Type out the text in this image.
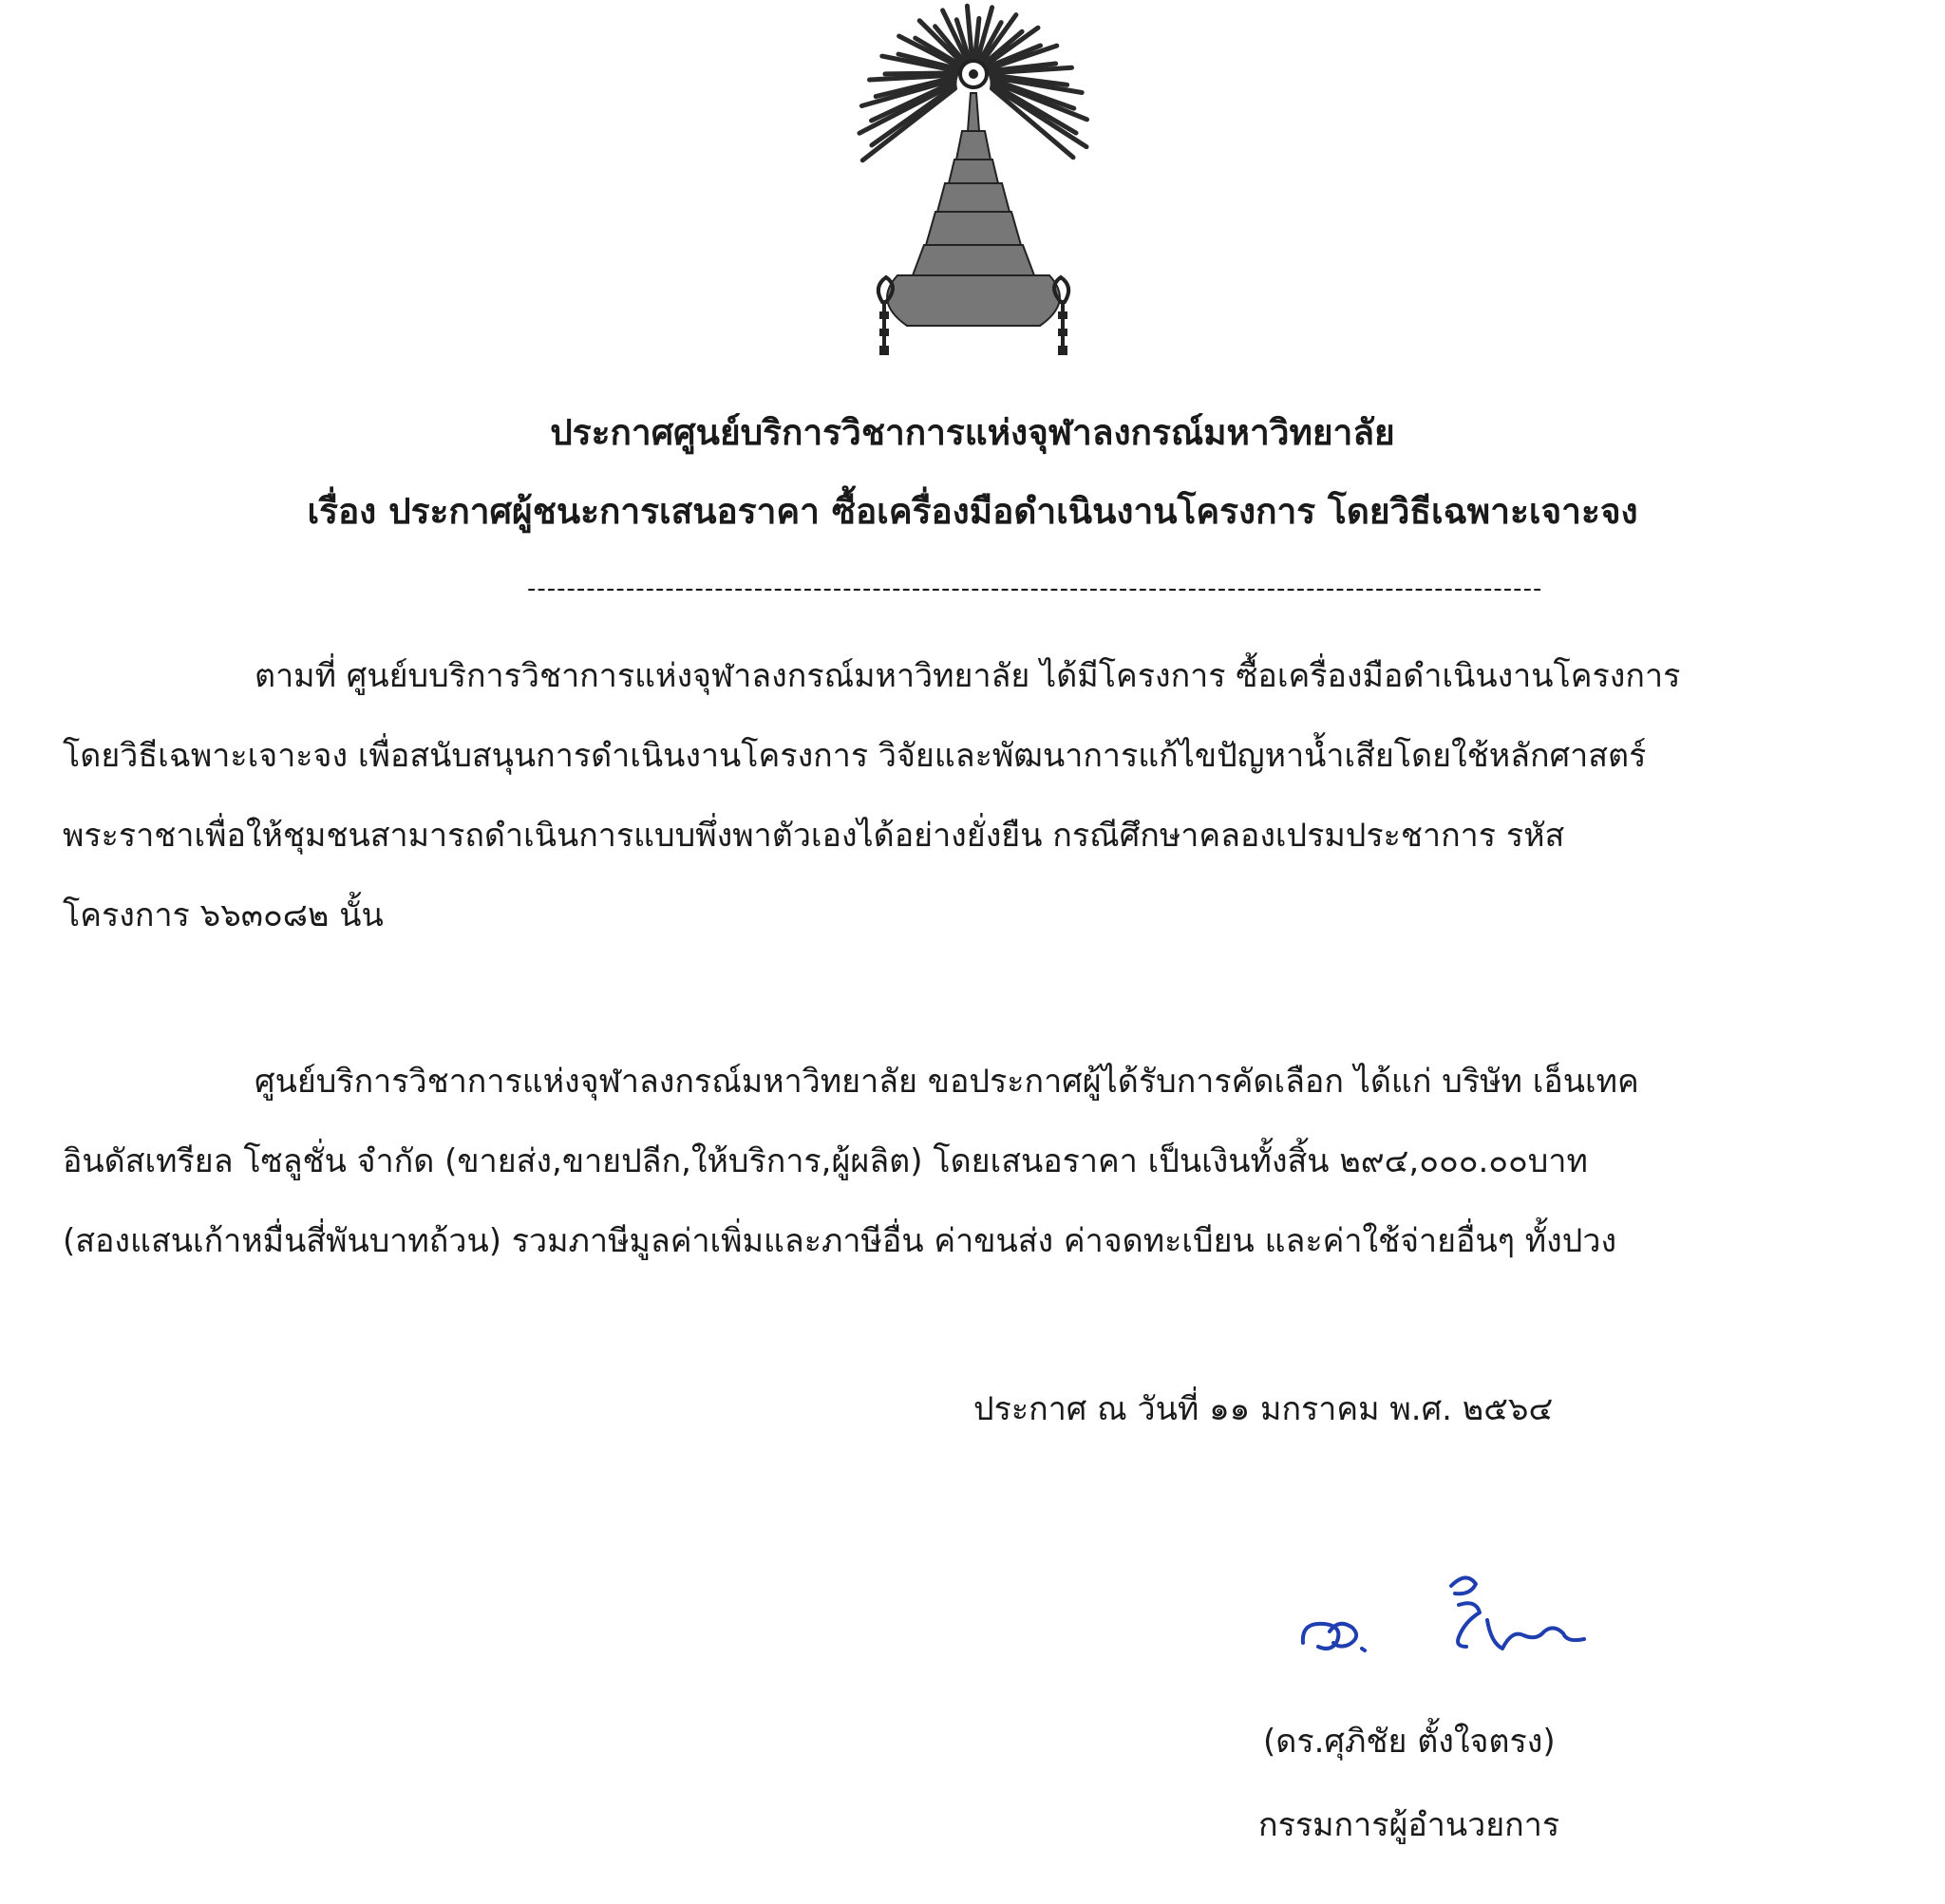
ประกาศศูนย์บริการวิชาการแห่งจุฬาลงกรณ์มหาวิทยาลัย
เรื่อง ประกาศผู้ชนะการเสนอราคา ซื้อเครื่องมือดำเนินงานโครงการ โดยวิธีเฉพาะเจาะจง
-------------------------------------------------------------------------------------------------------
ตามที่ ศูนย์บบริการวิชาการแห่งจุฬาลงกรณ์มหาวิทยาลัย ได้มีโครงการ ซื้อเครื่องมือดำเนินงานโครงการ
โดยวิธีเฉพาะเจาะจง เพื่อสนับสนุนการดำเนินงานโครงการ วิจัยและพัฒนาการแก้ไขปัญหาน้ำเสียโดยใช้หลักศาสตร์
พระราชาเพื่อให้ชุมชนสามารถดำเนินการแบบพึ่งพาตัวเองได้อย่างยั่งยืน กรณีศึกษาคลองเปรมประชาการ รหัส
โครงการ ๖๖๓๐๘๒ นั้น
ศูนย์บริการวิชาการแห่งจุฬาลงกรณ์มหาวิทยาลัย ขอประกาศผู้ได้รับการคัดเลือก ได้แก่ บริษัท เอ็นเทค
อินดัสเทรียล โซลูชั่น จำกัด (ขายส่ง,ขายปลีก,ให้บริการ,ผู้ผลิต) โดยเสนอราคา เป็นเงินทั้งสิ้น ๒๙๔,๐๐๐.๐๐บาท
(สองแสนเก้าหมื่นสี่พันบาทถ้วน) รวมภาษีมูลค่าเพิ่มและภาษีอื่น ค่าขนส่ง ค่าจดทะเบียน และค่าใช้จ่ายอื่นๆ ทั้งปวง
ประกาศ ณ วันที่ ๑๑ มกราคม พ.ศ. ๒๕๖๔
(ดร.ศุภิชัย ตั้งใจตรง)
กรรมการผู้อำนวยการ
